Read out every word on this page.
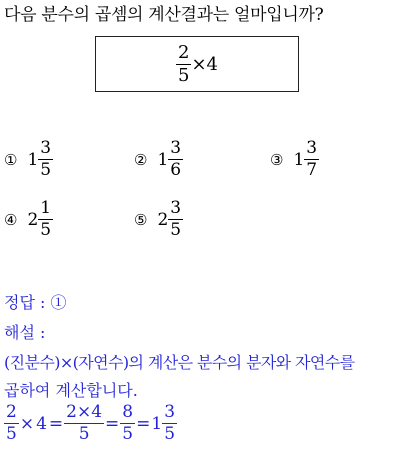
다음 분수의 곱셈의 계산결과는 얼마입니까?
$\frac{2}{5} \times 4$
① $1 \frac{3}{5}$	② $1 \frac{3}{6}$	③ $1 \frac{3}{7}$
④ $2 \frac{1}{5}$	⑤ $2 \frac{3}{5}$
정답 : ①
해설 :
(진분수)×(자연수)의 계산은 분수의 분자와 자연수를
곱하여 계산합니다.
$\frac{2}{5} \times 4 = \frac{2\times 4}{5} = \frac{8}{5} = 1 \frac{3}{5}$
